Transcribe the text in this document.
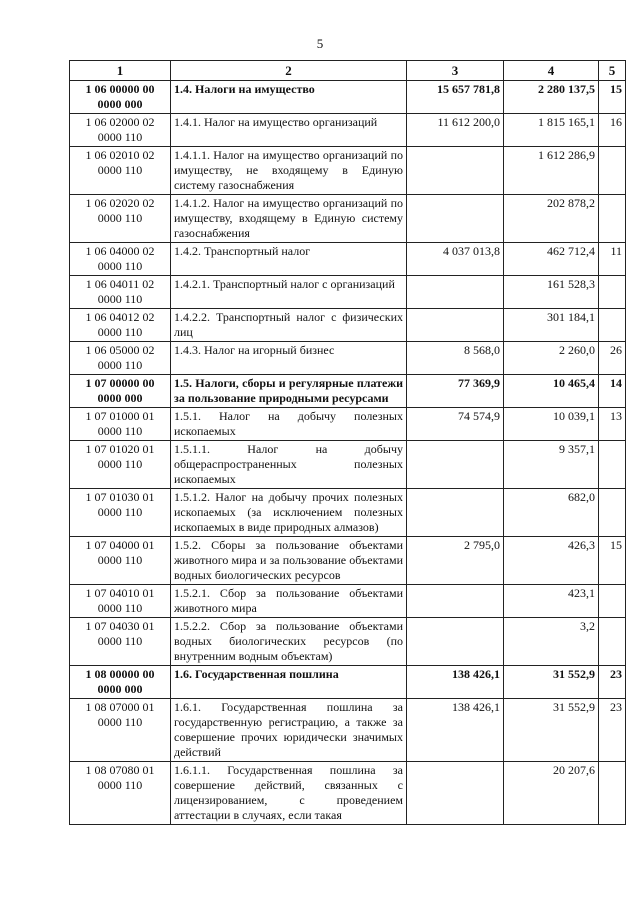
5
1	2	3	4	5
1 06 00000 00 0000 000	1.4. Налоги на имущество	15 657 781,8	2 280 137,5	15
1 06 02000 02 0000 110	1.4.1. Налог на имущество организаций	11 612 200,0	1 815 165,1	16
1 06 02010 02 0000 110	1.4.1.1. Налог на имущество организаций по имуществу, не входящему в Единую систему газоснабжения		1 612 286,9	
1 06 02020 02 0000 110	1.4.1.2. Налог на имущество организаций по имуществу, входящему в Единую систему газоснабжения		202 878,2	
1 06 04000 02 0000 110	1.4.2. Транспортный налог	4 037 013,8	462 712,4	11
1 06 04011 02 0000 110	1.4.2.1. Транспортный налог с организаций		161 528,3	
1 06 04012 02 0000 110	1.4.2.2. Транспортный налог с физических лиц		301 184,1	
1 06 05000 02 0000 110	1.4.3. Налог на игорный бизнес	8 568,0	2 260,0	26
1 07 00000 00 0000 000	1.5. Налоги, сборы и регулярные платежи за пользование природными ресурсами	77 369,9	10 465,4	14
1 07 01000 01 0000 110	1.5.1. Налог на добычу полезных ископаемых	74 574,9	10 039,1	13
1 07 01020 01 0000 110	1.5.1.1. Налог на добычу общераспространенных полезных ископаемых		9 357,1	
1 07 01030 01 0000 110	1.5.1.2. Налог на добычу прочих полезных ископаемых (за исключением полезных ископаемых в виде природных алмазов)		682,0	
1 07 04000 01 0000 110	1.5.2. Сборы за пользование объектами животного мира и за пользование объектами водных биологических ресурсов	2 795,0	426,3	15
1 07 04010 01 0000 110	1.5.2.1. Сбор за пользование объектами животного мира		423,1	
1 07 04030 01 0000 110	1.5.2.2. Сбор за пользование объектами водных биологических ресурсов (по внутренним водным объектам)		3,2	
1 08 00000 00 0000 000	1.6. Государственная пошлина	138 426,1	31 552,9	23
1 08 07000 01 0000 110	1.6.1. Государственная пошлина за государственную регистрацию, а также за совершение прочих юридически значимых действий	138 426,1	31 552,9	23
1 08 07080 01 0000 110	1.6.1.1. Государственная пошлина за совершение действий, связанных с лицензированием, с проведением аттестации в случаях, если такая		20 207,6	
